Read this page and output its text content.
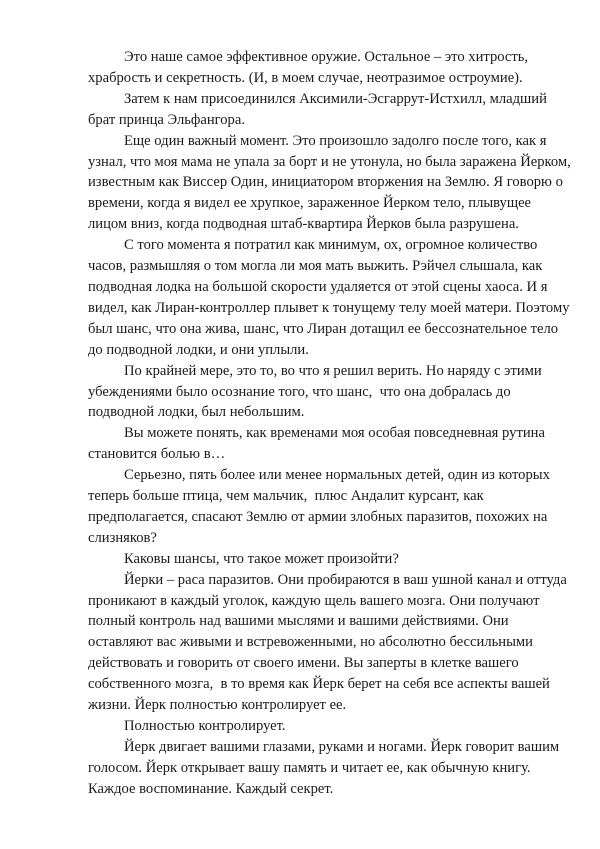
Это наше самое эффективное оружие. Остальное – это хитрость,
храбрость и секретность. (И, в моем случае, неотразимое остроумие).

Затем к нам присоединился Аксимили-Эсгаррут-Истхилл, младший
брат принца Эльфангора.

Еще один важный момент. Это произошло задолго после того, как я
узнал, что моя мама не упала за борт и не утонула, но была заражена Йерком,
известным как Виссер Один, инициатором вторжения на Землю. Я говорю о
времени, когда я видел ее хрупкое, зараженное Йерком тело, плывущее
лицом вниз, когда подводная штаб-квартира Йерков была разрушена.

С того момента я потратил как минимум, ох, огромное количество
часов, размышляя о том могла ли моя мать выжить. Рэйчел слышала, как
подводная лодка на большой скорости удаляется от этой сцены хаоса. И я
видел, как Лиран-контроллер плывет к тонущему телу моей матери. Поэтому
был шанс, что она жива, шанс, что Лиран дотащил ее бессознательное тело
до подводной лодки, и они уплыли.

По крайней мере, это то, во что я решил верить. Но наряду с этими
убеждениями было осознание того, что шанс,  что она добралась до
подводной лодки, был небольшим.

Вы можете понять, как временами моя особая повседневная рутина
становится болью в…

Серьезно, пять более или менее нормальных детей, один из которых
теперь больше птица, чем мальчик,  плюс Андалит курсант, как
предполагается, спасают Землю от армии злобных паразитов, похожих на
слизняков?

Каковы шансы, что такое может произойти?

Йерки – раса паразитов. Они пробираются в ваш ушной канал и оттуда
проникают в каждый уголок, каждую щель вашего мозга. Они получают
полный контроль над вашими мыслями и вашими действиями. Они
оставляют вас живыми и встревоженными, но абсолютно бессильными
действовать и говорить от своего имени. Вы заперты в клетке вашего
собственного мозга,  в то время как Йерк берет на себя все аспекты вашей
жизни. Йерк полностью контролирует ее.

Полностью контролирует.

Йерк двигает вашими глазами, руками и ногами. Йерк говорит вашим
голосом. Йерк открывает вашу память и читает ее, как обычную книгу.
Каждое воспоминание. Каждый секрет.
